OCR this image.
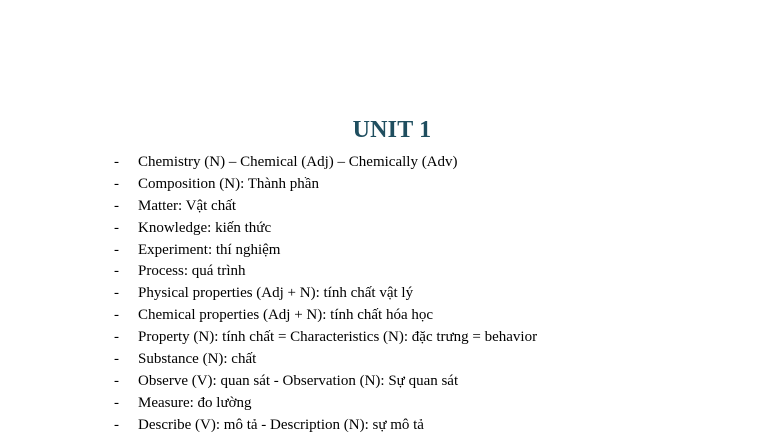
UNIT 1
- Chemistry (N) – Chemical (Adj) – Chemically (Adv)
- Composition (N): Thành phần
- Matter: Vật chất
- Knowledge: kiến thức
- Experiment: thí nghiệm
- Process: quá trình
- Physical properties (Adj + N): tính chất vật lý
- Chemical properties (Adj + N): tính chất hóa học
- Property (N): tính chất = Characteristics (N): đặc trưng = behavior
- Substance (N): chất
- Observe (V): quan sát - Observation (N): Sự quan sát
- Measure: đo lường
- Describe (V): mô tả - Description (N): sự mô tả
